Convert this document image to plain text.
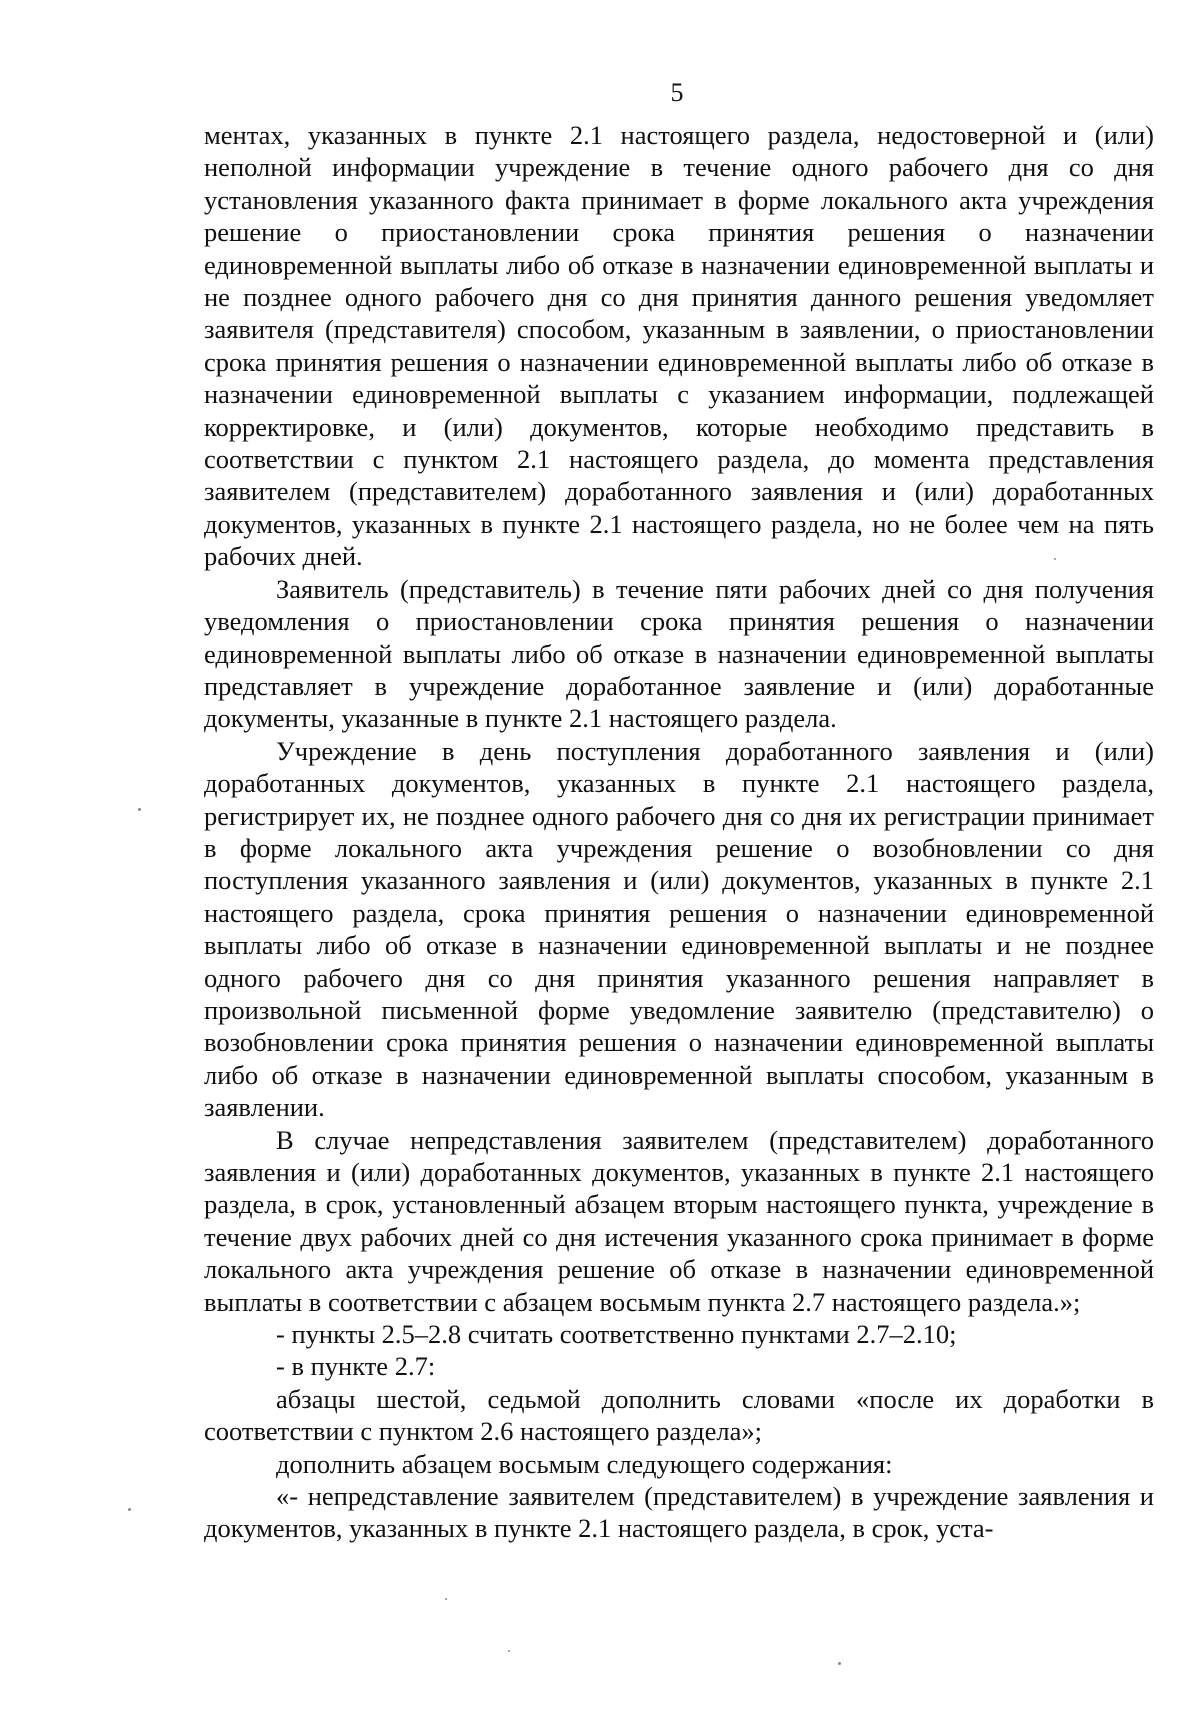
5

ментах, указанных в пункте 2.1 настоящего раздела, недостоверной и (или) неполной информации учреждение в течение одного рабочего дня со дня установления указанного факта принимает в форме локального акта учреждения решение о приостановлении срока принятия решения о назначении единовременной выплаты либо об отказе в назначении единовременной выплаты и не позднее одного рабочего дня со дня принятия данного решения уведомляет заявителя (представителя) способом, указанным в заявлении, о приостановлении срока принятия решения о назначении единовременной выплаты либо об отказе в назначении единовременной выплаты с указанием информации, подлежащей корректировке, и (или) документов, которые необходимо представить в соответствии с пунктом 2.1 настоящего раздела, до момента представления заявителем (представителем) доработанного заявления и (или) доработанных документов, указанных в пункте 2.1 настоящего раздела, но не более чем на пять рабочих дней.

Заявитель (представитель) в течение пяти рабочих дней со дня получения уведомления о приостановлении срока принятия решения о назначении единовременной выплаты либо об отказе в назначении единовременной выплаты представляет в учреждение доработанное заявление и (или) доработанные документы, указанные в пункте 2.1 настоящего раздела.

Учреждение в день поступления доработанного заявления и (или) доработанных документов, указанных в пункте 2.1 настоящего раздела, регистрирует их, не позднее одного рабочего дня со дня их регистрации принимает в форме локального акта учреждения решение о возобновлении со дня поступления указанного заявления и (или) документов, указанных в пункте 2.1 настоящего раздела, срока принятия решения о назначении единовременной выплаты либо об отказе в назначении единовременной выплаты и не позднее одного рабочего дня со дня принятия указанного решения направляет в произвольной письменной форме уведомление заявителю (представителю) о возобновлении срока принятия решения о назначении единовременной выплаты либо об отказе в назначении единовременной выплаты способом, указанным в заявлении.

В случае непредставления заявителем (представителем) доработанного заявления и (или) доработанных документов, указанных в пункте 2.1 настоящего раздела, в срок, установленный абзацем вторым настоящего пункта, учреждение в течение двух рабочих дней со дня истечения указанного срока принимает в форме локального акта учреждения решение об отказе в назначении единовременной выплаты в соответствии с абзацем восьмым пункта 2.7 настоящего раздела.»;

- пункты 2.5–2.8 считать соответственно пунктами 2.7–2.10;

- в пункте 2.7:

абзацы шестой, седьмой дополнить словами «после их доработки в соответствии с пунктом 2.6 настоящего раздела»;

дополнить абзацем восьмым следующего содержания:

«- непредставление заявителем (представителем) в учреждение заявления и документов, указанных в пункте 2.1 настоящего раздела, в срок, уста-
